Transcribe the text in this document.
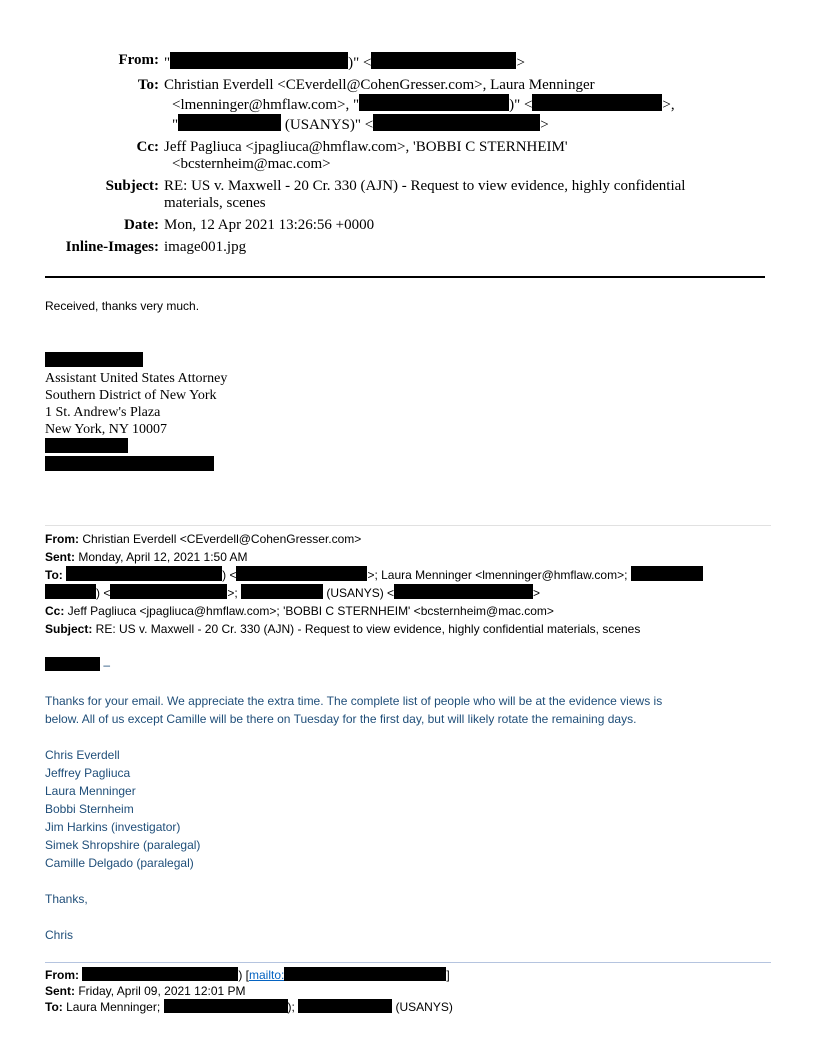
From: "	)" <	>
To: Christian Everdell <CEverdell@CohenGresser.com>, Laura Menninger
<lmenninger@hmflaw.com>, "	)" <	>,
"	(USANYS)" <	>
Cc: Jeff Pagliuca <jpagliuca@hmflaw.com>, 'BOBBI C STERNHEIM'
<bcsternheim@mac.com>
Subject: RE: US v. Maxwell - 20 Cr. 330 (AJN) - Request to view evidence, highly confidential
materials, scenes
Date: Mon, 12 Apr 2021 13:26:56 +0000
Inline-Images: image001.jpg
Received, thanks very much.
Assistant United States Attorney
Southern District of New York
1 St. Andrew's Plaza
New York, NY 10007
From: Christian Everdell <CEverdell@CohenGresser.com>
Sent: Monday, April 12, 2021 1:50 AM
To:	) <	>; Laura Menninger <lmenninger@hmflaw.com>;
) <	>;	(USANYS) <	>
Cc: Jeff Pagliuca <jpagliuca@hmflaw.com>; 'BOBBI C STERNHEIM' <bcsternheim@mac.com>
Subject: RE: US v. Maxwell - 20 Cr. 330 (AJN) - Request to view evidence, highly confidential materials, scenes
–
Thanks for your email. We appreciate the extra time. The complete list of people who will be at the evidence views is
below. All of us except Camille will be there on Tuesday for the first day, but will likely rotate the remaining days.
Chris Everdell
Jeffrey Pagliuca
Laura Menninger
Bobbi Sternheim
Jim Harkins (investigator)
Simek Shropshire (paralegal)
Camille Delgado (paralegal)
Thanks,
Chris
From:	) [mailto:	]
Sent: Friday, April 09, 2021 12:01 PM
To: Laura Menninger;	);	(USANYS)
